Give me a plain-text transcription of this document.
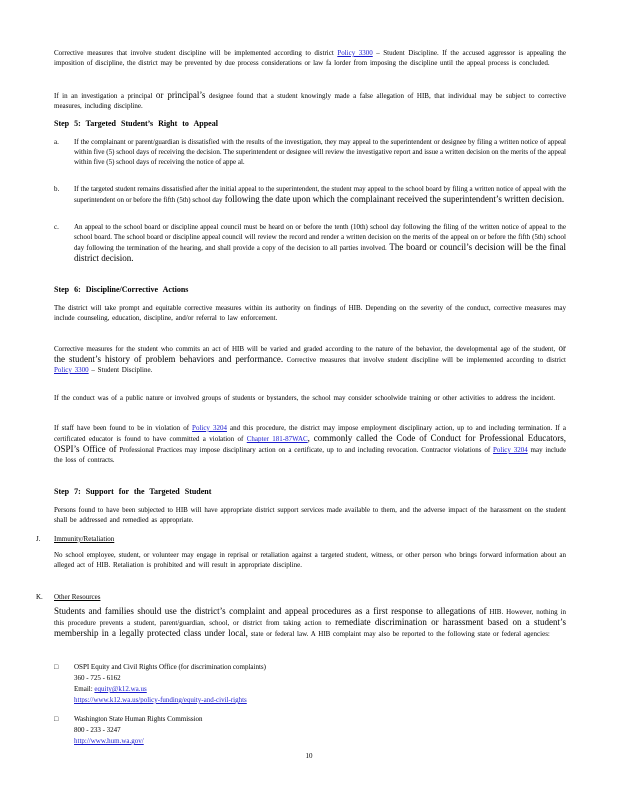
Corrective measures that involve student discipline will be implemented according to district Policy 3300 – Student Discipline. If the accused aggressor is appealing the imposition of discipline, the district may be prevented by due process considerations or law fa lorder from imposing the discipline until the appeal process is concluded.
If in an investigation a principal or principal’s designee found that a student knowingly made a false allegation of HIB, that individual may be subject to corrective measures, including discipline.
Step 5: Targeted Student’s Right to Appeal
a. If the complainant or parent/guardian is dissatisfied with the results of the investigation, they may appeal to the superintendent or designee by filing a written notice of appeal within five (5) school days of receiving the decision. The superintendent or designee will review the investigative report and issue a written decision on the merits of the appeal within five (5) school days of receiving the notice of appe al.
b. If the targeted student remains dissatisfied after the initial appeal to the superintendent, the student may appeal to the school board by filing a written notice of appeal with the superintendent on or before the fifth (5th) school day following the date upon which the complainant received the superintendent’s written decision.
c. An appeal to the school board or discipline appeal council must be heard on or before the tenth (10th) school day following the filing of the written notice of appeal to the school board. The school board or discipline appeal council will review the record and render a written decision on the merits of the appeal on or before the fifth (5th) school day following the termination of the hearing, and shall provide a copy of the decision to all parties involved. The board or council’s decision will be the final district decision.
Step 6: Discipline/Corrective Actions
The district will take prompt and equitable corrective measures within its authority on findings of HIB. Depending on the severity of the conduct, corrective measures may include counseling, education, discipline, and/or referral to law enforcement.
Corrective measures for the student who commits an act of HIB will be varied and graded according to the nature of the behavior, the developmental age of the student, or the student’s history of problem behaviors and performance. Corrective measures that involve student discipline will be implemented according to district Policy 3300 – Student Discipline.
If the conduct was of a public nature or involved groups of students or bystanders, the school may consider schoolwide training or other activities to address the incident.
If staff have been found to be in violation of Policy 3204 and this procedure, the district may impose employment disciplinary action, up to and including termination. If a certificated educator is found to have committed a violation of Chapter 181-87WAC, commonly called the Code of Conduct for Professional Educators, OSPI’s Office of Professional Practices may impose disciplinary action on a certificate, up to and including revocation. Contractor violations of Policy 3204 may include the loss of contracts.
Step 7: Support for the Targeted Student
Persons found to have been subjected to HIB will have appropriate district support services made available to them, and the adverse impact of the harassment on the student shall be addressed and remedied as appropriate.
J. Immunity/Retaliation
No school employee, student, or volunteer may engage in reprisal or retaliation against a targeted student, witness, or other person who brings forward information about an alleged act of HIB. Retaliation is prohibited and will result in appropriate discipline.
K. Other Resources
Students and families should use the district’s complaint and appeal procedures as a first response to allegations of HIB. However, nothing in this procedure prevents a student, parent/guardian, school, or district from taking action to remediate discrimination or harassment based on a student’s membership in a legally protected class under local, state or federal law. A HIB complaint may also be reported to the following state or federal agencies:
□ OSPI Equity and Civil Rights Office (for discrimination complaints)
360 - 725 - 6162
Email: equity@k12.wa.us
https://www.k12.wa.us/policy-funding/equity-and-civil-rights
□ Washington State Human Rights Commission
800 - 233 - 3247
http://www.hum.wa.gov/
10
